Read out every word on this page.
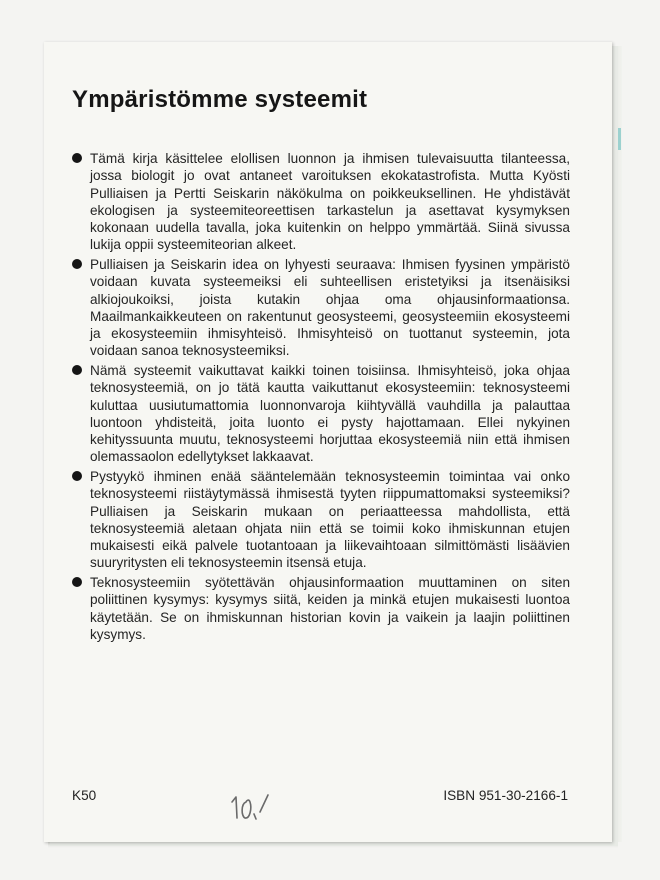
Ympäristömme systeemit
Tämä kirja käsittelee elollisen luonnon ja ihmisen tulevaisuutta tilanteessa, jossa biologit jo ovat antaneet varoituksen ekokatastrofista. Mutta Kyösti Pulliaisen ja Pertti Seiskarin näkökulma on poikkeuksellinen. He yhdistävät ekologisen ja systeemiteoreettisen tarkastelun ja asettavat kysymyksen kokonaan uudella tavalla, joka kuitenkin on helppo ymmärtää. Siinä sivussa lukija oppii systeemiteorian alkeet.
Pulliaisen ja Seiskarin idea on lyhyesti seuraava: Ihmisen fyysinen ympäristö voidaan kuvata systeemeiksi eli suhteellisen eristetyiksi ja itsenäisiksi alkiojoukoiksi, joista kutakin ohjaa oma ohjausinformaationsa. Maailmankaikkeuteen on rakentunut geosysteemi, geosysteemiin ekosysteemi ja ekosysteemiin ihmisyhteisö. Ihmisyhteisö on tuottanut systeemin, jota voidaan sanoa teknosysteemiksi.
Nämä systeemit vaikuttavat kaikki toinen toisiinsa. Ihmisyhteisö, joka ohjaa teknosysteemiä, on jo tätä kautta vaikuttanut ekosysteemiin: teknosysteemi kuluttaa uusiutumattomia luonnonvaroja kiihtyvällä vauhdilla ja palauttaa luontoon yhdisteitä, joita luonto ei pysty hajottamaan. Ellei nykyinen kehityssuunta muutu, teknosysteemi horjuttaa ekosysteemiä niin että ihmisen olemassaolon edellytykset lakkaavat.
Pystyykö ihminen enää sääntelemään teknosysteemin toimintaa vai onko teknosysteemi riistäytymässä ihmisestä tyyten riippumattomaksi systeemiksi? Pulliaisen ja Seiskarin mukaan on periaatteessa mahdollista, että teknosysteemiä aletaan ohjata niin että se toimii koko ihmiskunnan etujen mukaisesti eikä palvele tuotantoaan ja liikevaihtoaan silmittömästi lisäävien suuryritysten eli teknosysteemin itsensä etuja.
Teknosysteemiin syötettävän ohjausinformaation muuttaminen on siten poliittinen kysymys: kysymys siitä, keiden ja minkä etujen mukaisesti luontoa käytetään. Se on ihmiskunnan historian kovin ja vaikein ja laajin poliittinen kysymys.
K50	ISBN 951-30-2166-1
